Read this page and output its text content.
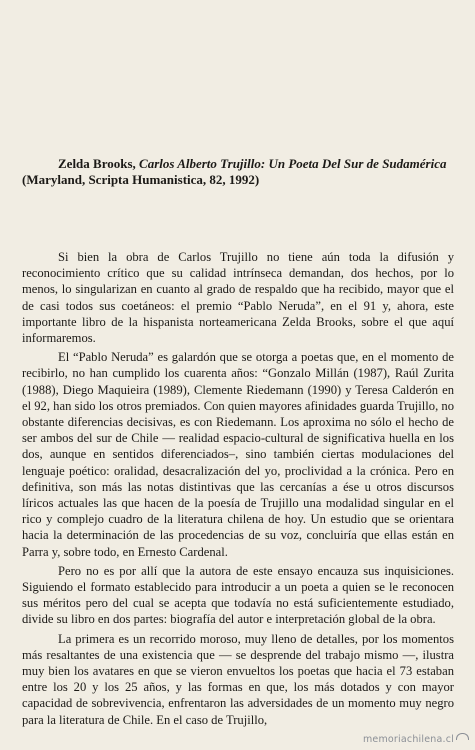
Zelda Brooks, Carlos Alberto Trujillo: Un Poeta Del Sur de Sudamérica (Maryland, Scripta Humanistica, 82, 1992)

Si bien la obra de Carlos Trujillo no tiene aún toda la difusión y reconocimiento crítico que su calidad intrínseca demandan, dos hechos, por lo menos, lo singularizan en cuanto al grado de respaldo que ha recibido, mayor que el de casi todos sus coetáneos: el premio “Pablo Neruda”, en el 91 y, ahora, este importante libro de la hispanista norteamericana Zelda Brooks, sobre el que aquí informaremos.

El “Pablo Neruda” es galardón que se otorga a poetas que, en el momento de recibirlo, no han cumplido los cuarenta años: “Gonzalo Millán (1987), Raúl Zurita (1988), Diego Maquieira (1989), Clemente Riedemann (1990) y Teresa Calderón en el 92, han sido los otros premiados. Con quien mayores afinidades guarda Trujillo, no obstante diferencias decisivas, es con Riedemann. Los aproxima no sólo el hecho de ser ambos del sur de Chile — realidad espacio-cultural de significativa huella en los dos, aunque en sentidos diferenciados–, sino también ciertas modulaciones del lenguaje poético: oralidad, desacralización del yo, proclividad a la crónica. Pero en definitiva, son más las notas distintivas que las cercanías a ése u otros discursos líricos actuales las que hacen de la poesía de Trujillo una modalidad singular en el rico y complejo cuadro de la literatura chilena de hoy. Un estudio que se orientara hacia la determinación de las procedencias de su voz, concluiría que ellas están en Parra y, sobre todo, en Ernesto Cardenal.

Pero no es por allí que la autora de este ensayo encauza sus inquisiciones. Siguiendo el formato establecido para introducir a un poeta a quien se le reconocen sus méritos pero del cual se acepta que todavía no está suficientemente estudiado, divide su libro en dos partes: biografía del autor e interpretación global de la obra.

La primera es un recorrido moroso, muy lleno de detalles, por los momentos más resaltantes de una existencia que — se desprende del trabajo mismo —, ilustra muy bien los avatares en que se vieron envueltos los poetas que hacia el 73 estaban entre los 20 y los 25 años, y las formas en que, los más dotados y con mayor capacidad de sobrevivencia, enfrentaron las adversidades de un momento muy negro para la literatura de Chile. En el caso de Trujillo,

memoriachilena.cl
